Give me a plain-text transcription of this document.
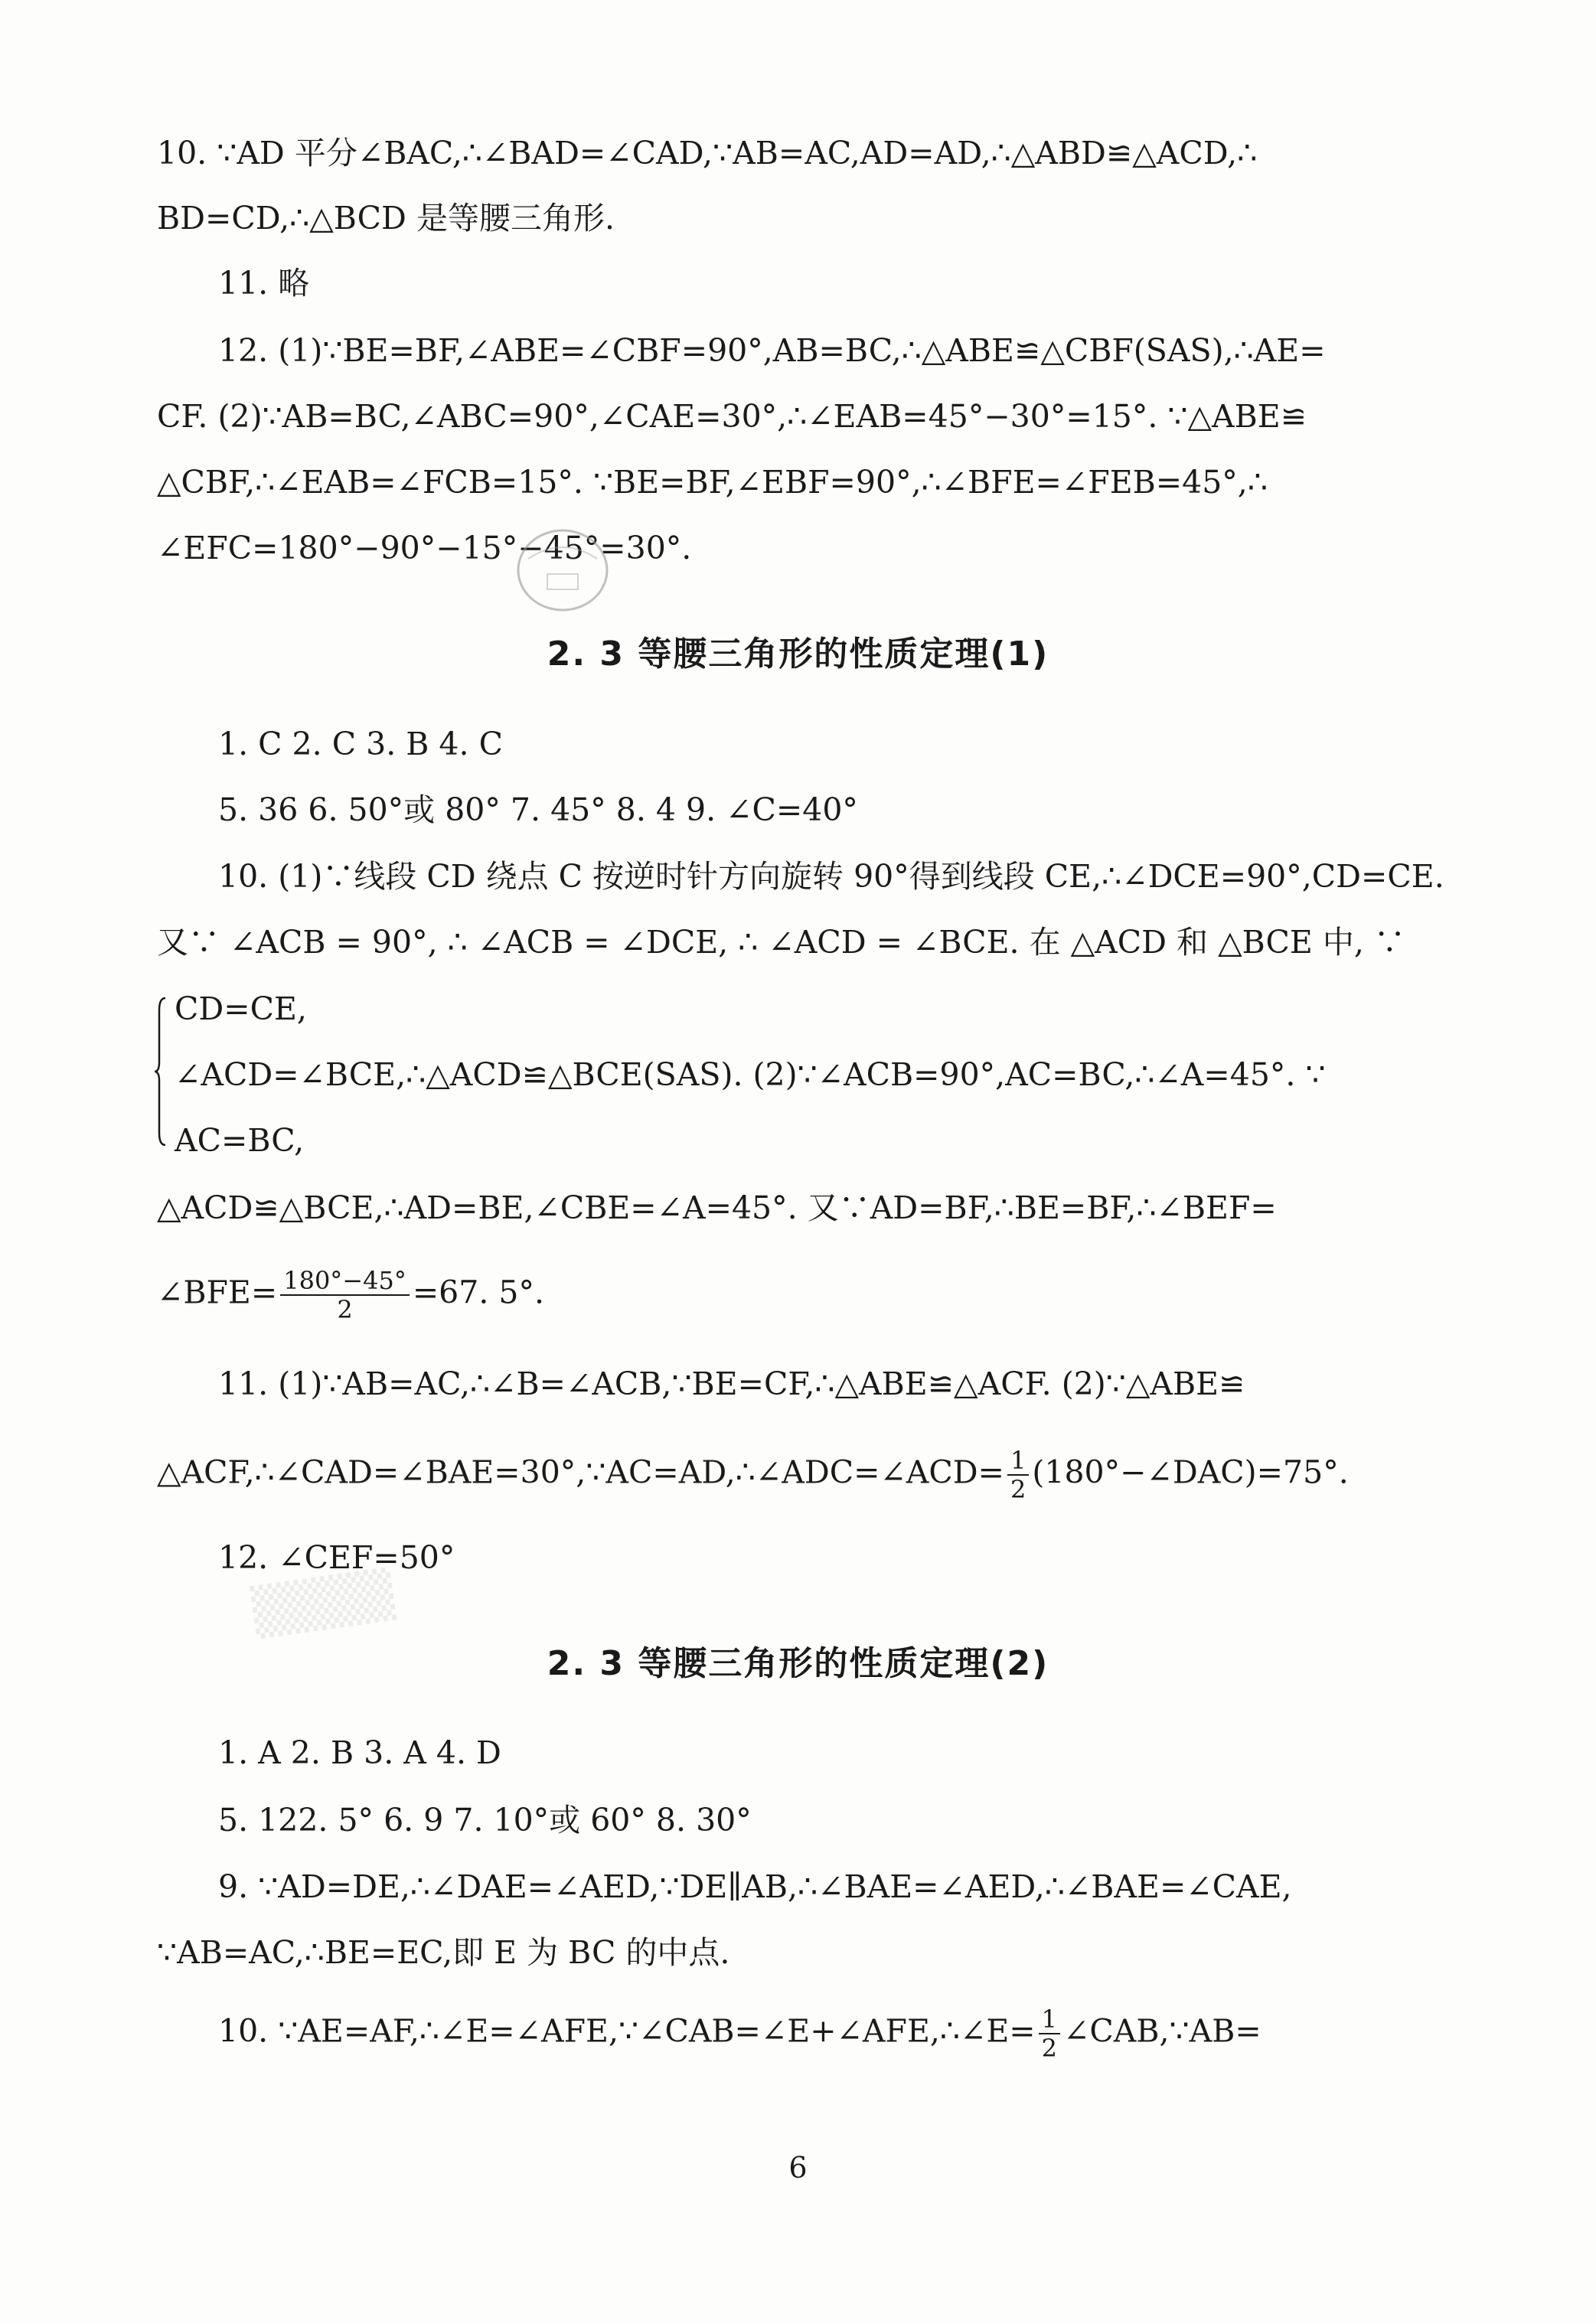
10. ∵AD 平分∠BAC,∴∠BAD=∠CAD,∵AB=AC,AD=AD,∴△ABD≌△ACD,∴
BD=CD,∴△BCD 是等腰三角形.
11. 略
12. (1)∵BE=BF,∠ABE=∠CBF=90°,AB=BC,∴△ABE≌△CBF(SAS),∴AE=
CF. (2)∵AB=BC,∠ABC=90°,∠CAE=30°,∴∠EAB=45°−30°=15°. ∵△ABE≌
△CBF,∴∠EAB=∠FCB=15°. ∵BE=BF,∠EBF=90°,∴∠BFE=∠FEB=45°,∴
∠EFC=180°−90°−15°−45°=30°.
2. 3 等腰三角形的性质定理(1)
1. C 2. C 3. B 4. C
5. 36 6. 50°或 80° 7. 45° 8. 4 9. ∠C=40°
10. (1)∵线段 CD 绕点 C 按逆时针方向旋转 90°得到线段 CE,∴∠DCE=90°,CD=CE.
又∵ ∠ACB = 90°, ∴ ∠ACB = ∠DCE, ∴ ∠ACD = ∠BCE. 在 △ACD 和 △BCE 中, ∵
CD=CE,
∠ACD=∠BCE,∴△ACD≌△BCE(SAS). (2)∵∠ACB=90°,AC=BC,∴∠A=45°. ∵
AC=BC,
△ACD≌△BCE,∴AD=BE,∠CBE=∠A=45°. 又∵AD=BF,∴BE=BF,∴∠BEF=
∠BFE= $\frac{180^\circ-45^\circ}{2} =67$. 5°.
11. (1)∵AB=AC,∴∠B=∠ACB,∵BE=CF,∴△ABE≌△ACF. (2)∵△ABE≌
△ACF,∴∠CAD=∠BAE=30°,∵AC=AD,∴∠ADC=∠ACD= $\frac{1}{2}$ (180°−∠DAC)=75°.
12. ∠CEF=50°
▒▒▒▒
2. 3 等腰三角形的性质定理(2)
1. A 2. B 3. A 4. D
5. 122. 5° 6. 9 7. 10°或 60° 8. 30°
9. ∵AD=DE,∴∠DAE=∠AED,∵DE∥AB,∴∠BAE=∠AED,∴∠BAE=∠CAE,
∵AB=AC,∴BE=EC,即 E 为 BC 的中点.
10. ∵AE=AF,∴∠E=∠AFE,∵∠CAB=∠E+∠AFE,∴∠E= $\frac{1}{2}$ ∠CAB,∵AB=
6
